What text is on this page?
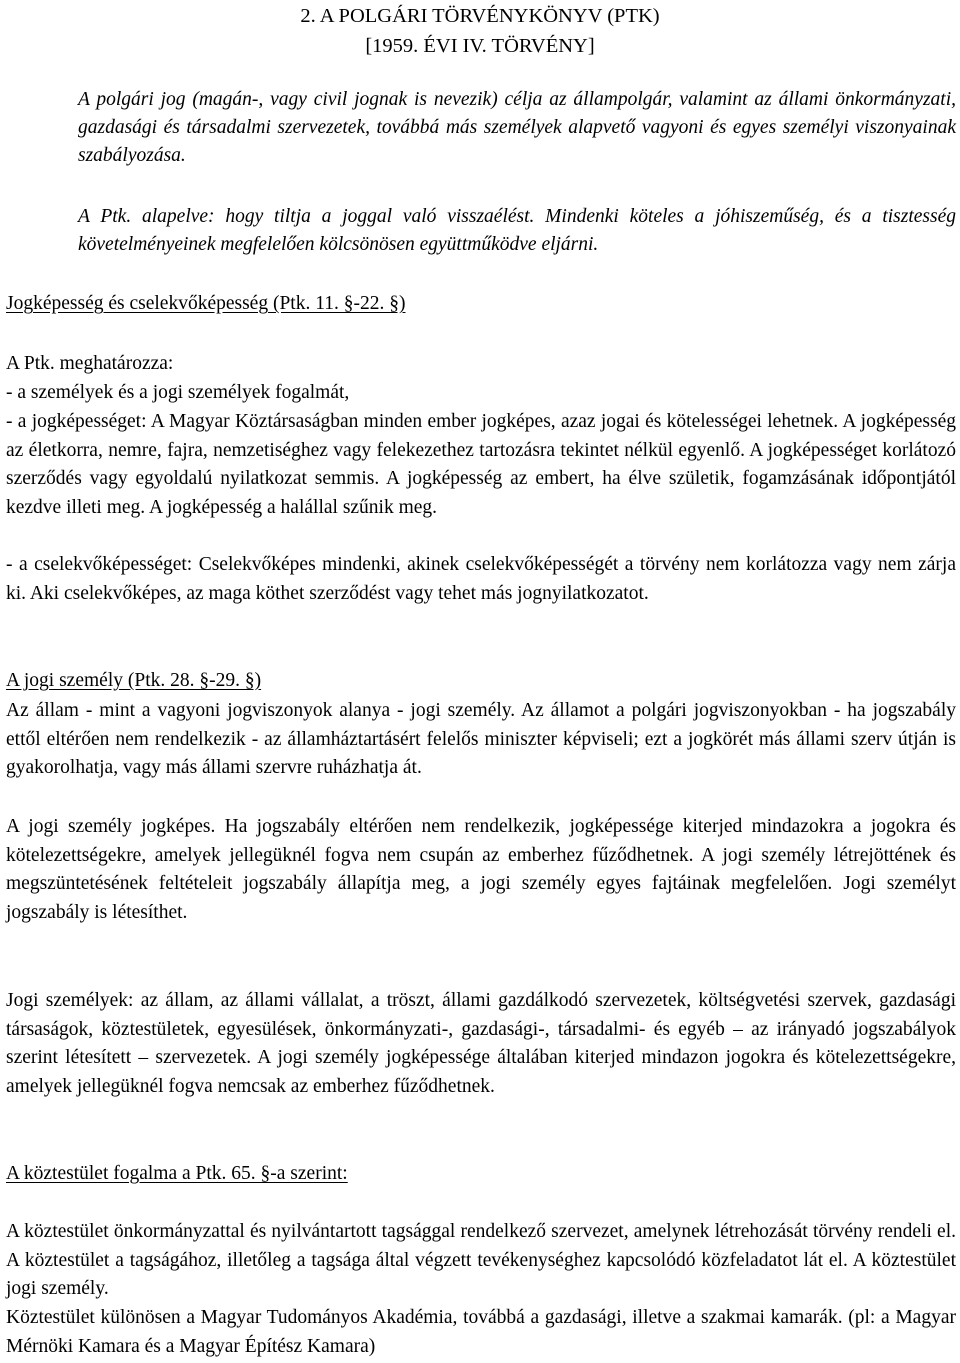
2. A POLGÁRI TÖRVÉNYKÖNYV (PTK)
[1959. ÉVI IV. TÖRVÉNY]

A polgári jog (magán-, vagy civil jognak is nevezik) célja az állampolgár, valamint az állami önkormányzati, gazdasági és társadalmi szervezetek, továbbá más személyek alapvető vagyoni és egyes személyi viszonyainak szabályozása.

A Ptk. alapelve: hogy tiltja a joggal való visszaélést. Mindenki köteles a jóhiszeműség, és a tisztesség követelményeinek megfelelően kölcsönösen együttműködve eljárni.

Jogképesség és cselekvőképesség (Ptk. 11. §-22. §)

A Ptk. meghatározza:

- a személyek és a jogi személyek fogalmát,

- a jogképességet: A Magyar Köztársaságban minden ember jogképes, azaz jogai és kötelességei lehetnek. A jogképesség az életkorra, nemre, fajra, nemzetiséghez vagy felekezethez tartozásra tekintet nélkül egyenlő. A jogképességet korlátozó szerződés vagy egyoldalú nyilatkozat semmis. A jogképesség az embert, ha élve születik, fogamzásának időpontjától kezdve illeti meg. A jogképesség a halállal szűnik meg.

- a cselekvőképességet: Cselekvőképes mindenki, akinek cselekvőképességét a törvény nem korlátozza vagy nem zárja ki. Aki cselekvőképes, az maga köthet szerződést vagy tehet más jognyilatkozatot.

A jogi személy (Ptk. 28. §-29. §)

Az állam - mint a vagyoni jogviszonyok alanya - jogi személy. Az államot a polgári jogviszonyokban - ha jogszabály ettől eltérően nem rendelkezik - az államháztartásért felelős miniszter képviseli; ezt a jogkörét más állami szerv útján is gyakorolhatja, vagy más állami szervre ruházhatja át.

A jogi személy jogképes. Ha jogszabály eltérően nem rendelkezik, jogképessége kiterjed mindazokra a jogokra és kötelezettségekre, amelyek jellegüknél fogva nem csupán az emberhez fűződhetnek. A jogi személy létrejöttének és megszüntetésének feltételeit jogszabály állapítja meg, a jogi személy egyes fajtáinak megfelelően. Jogi személyt jogszabály is létesíthet.

Jogi személyek: az állam, az állami vállalat, a tröszt, állami gazdálkodó szervezetek, költségvetési szervek, gazdasági társaságok, köztestületek, egyesülések, önkormányzati-, gazdasági-, társadalmi- és egyéb – az irányadó jogszabályok szerint létesített – szervezetek. A jogi személy jogképessége általában kiterjed mindazon jogokra és kötelezettségekre, amelyek jellegüknél fogva nemcsak az emberhez fűződhetnek.

A köztestület fogalma a Ptk. 65. §-a szerint:

A köztestület önkormányzattal és nyilvántartott tagsággal rendelkező szervezet, amelynek létrehozását törvény rendeli el. A köztestület a tagságához, illetőleg a tagsága által végzett tevékenységhez kapcsolódó közfeladatot lát el. A köztestület jogi személy.

Köztestület különösen a Magyar Tudományos Akadémia, továbbá a gazdasági, illetve a szakmai kamarák. (pl: a Magyar Mérnöki Kamara és a Magyar Építész Kamara)
